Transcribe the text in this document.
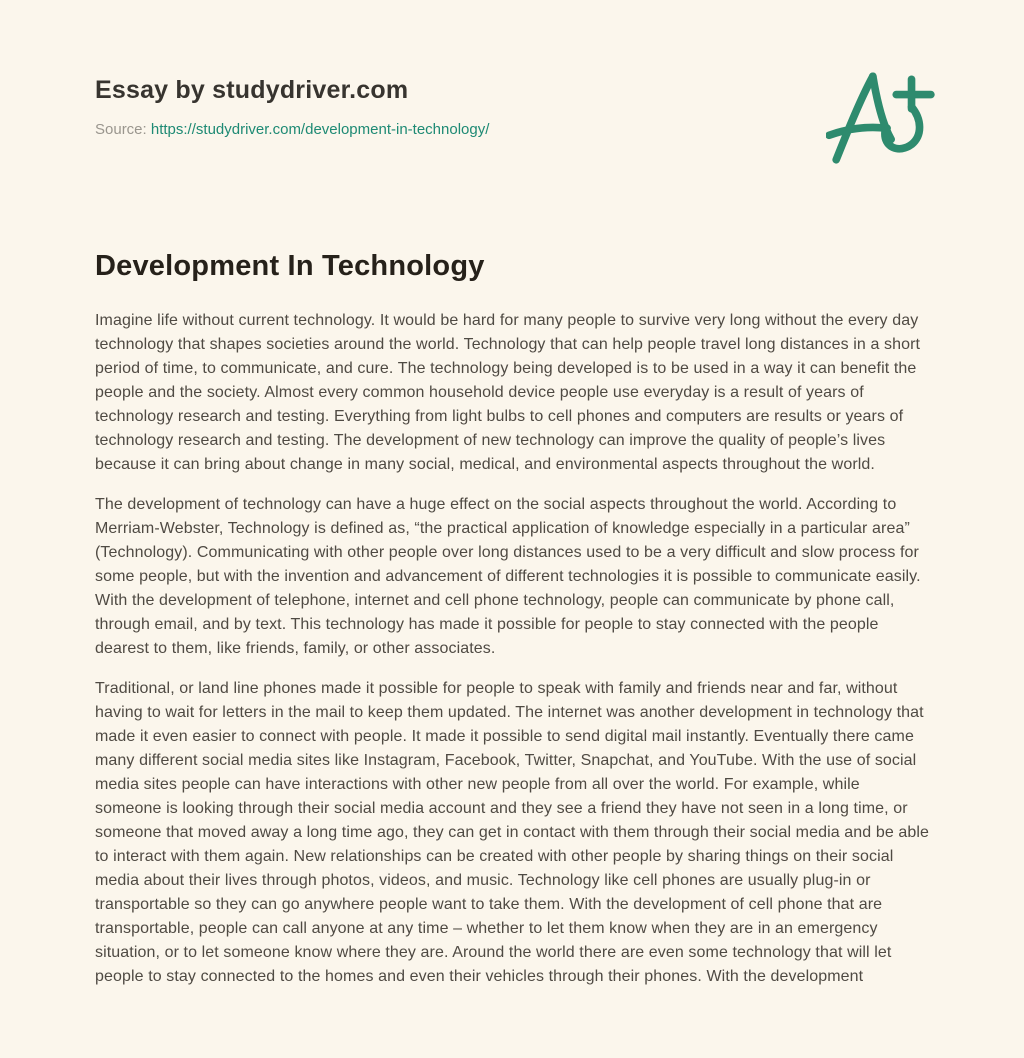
Essay by studydriver.com

Source: https://studydriver.com/development-in-technology/

Development In Technology

Imagine life without current technology. It would be hard for many people to survive very long without the every day technology that shapes societies around the world. Technology that can help people travel long distances in a short period of time, to communicate, and cure. The technology being developed is to be used in a way it can benefit the people and the society. Almost every common household device people use everyday is a result of years of technology research and testing. Everything from light bulbs to cell phones and computers are results or years of technology research and testing. The development of new technology can improve the quality of people’s lives because it can bring about change in many social, medical, and environmental aspects throughout the world.

The development of technology can have a huge effect on the social aspects throughout the world. According to Merriam-Webster, Technology is defined as, “the practical application of knowledge especially in a particular area” (Technology). Communicating with other people over long distances used to be a very difficult and slow process for some people, but with the invention and advancement of different technologies it is possible to communicate easily. With the development of telephone, internet and cell phone technology, people can communicate by phone call, through email, and by text. This technology has made it possible for people to stay connected with the people dearest to them, like friends, family, or other associates.

Traditional, or land line phones made it possible for people to speak with family and friends near and far, without having to wait for letters in the mail to keep them updated. The internet was another development in technology that made it even easier to connect with people. It made it possible to send digital mail instantly. Eventually there came many different social media sites like Instagram, Facebook, Twitter, Snapchat, and YouTube. With the use of social media sites people can have interactions with other new people from all over the world. For example, while someone is looking through their social media account and they see a friend they have not seen in a long time, or someone that moved away a long time ago, they can get in contact with them through their social media and be able to interact with them again. New relationships can be created with other people by sharing things on their social media about their lives through photos, videos, and music. Technology like cell phones are usually plug-in or transportable so they can go anywhere people want to take them. With the development of cell phone that are transportable, people can call anyone at any time – whether to let them know when they are in an emergency situation, or to let someone know where they are. Around the world there are even some technology that will let people to stay connected to the homes and even their vehicles through their phones. With the development
